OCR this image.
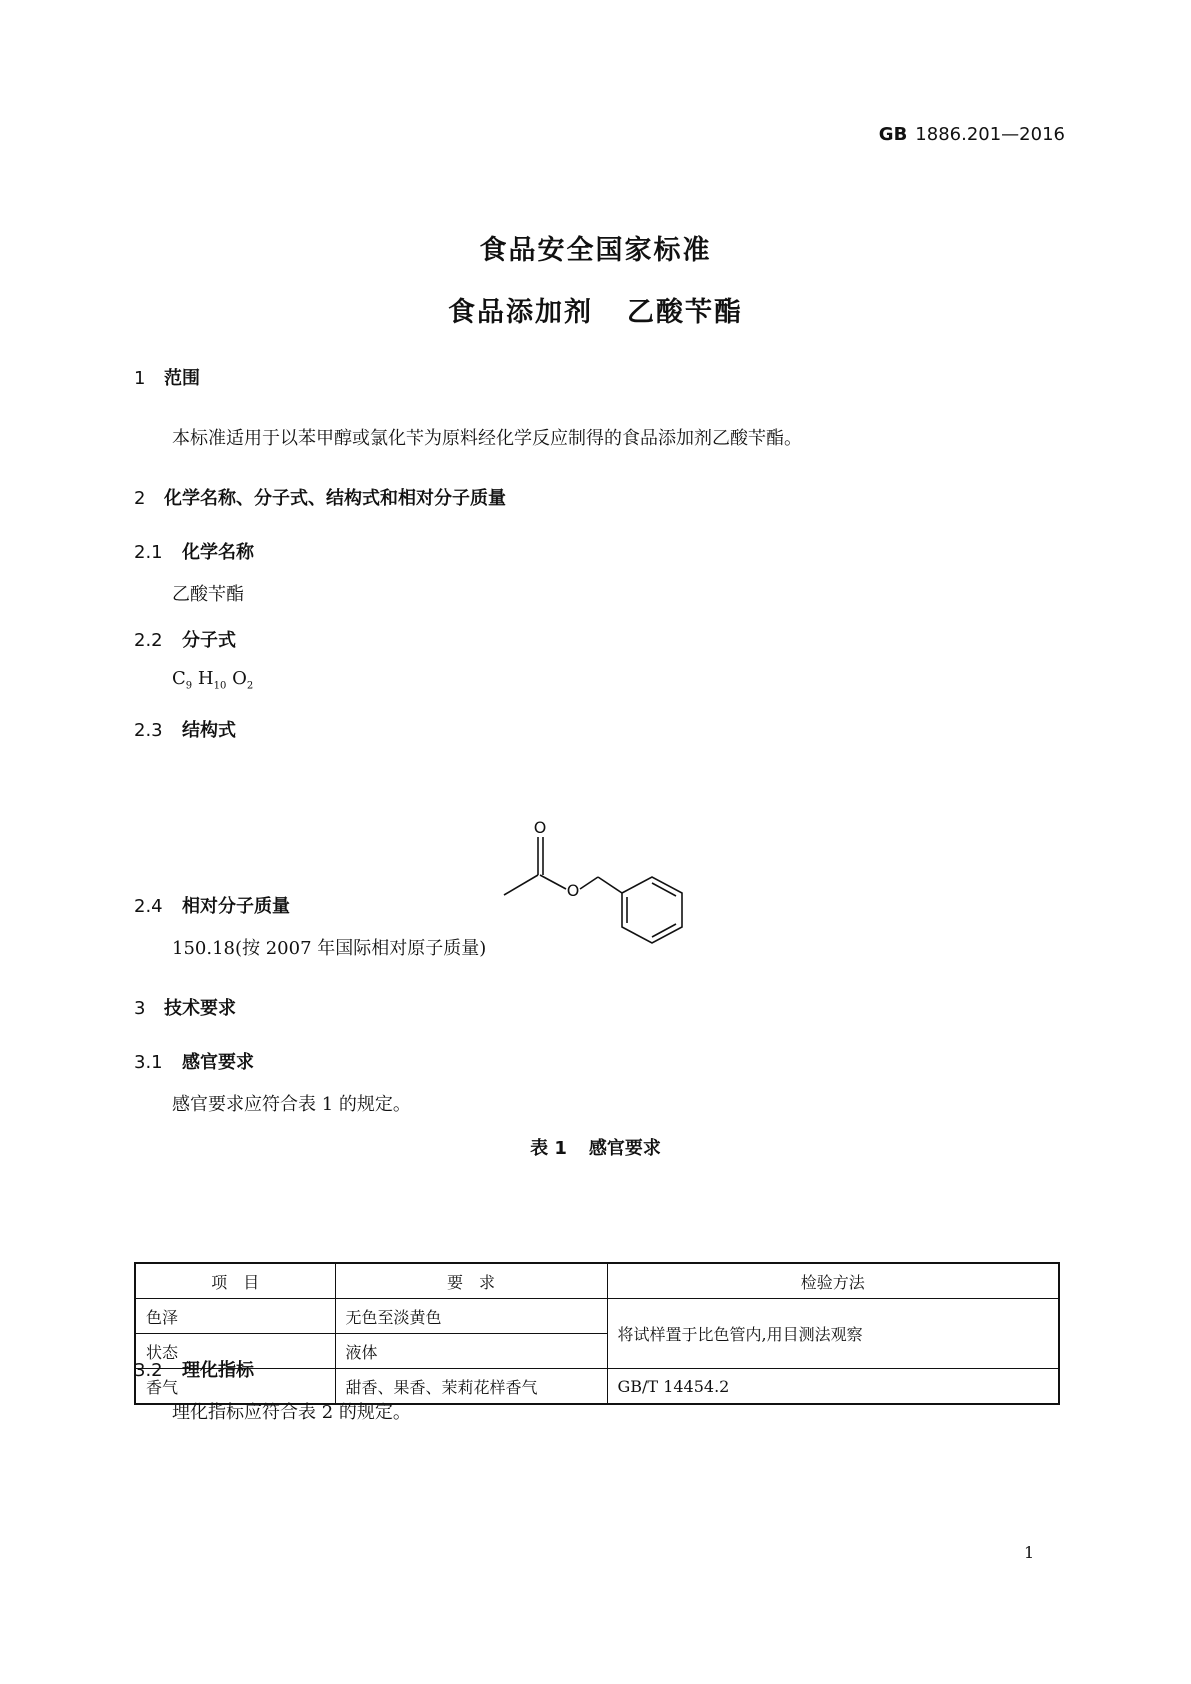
GB 1886.201—2016
食品安全国家标准
食品添加剂 乙酸苄酯
1 范围
本标准适用于以苯甲醇或氯化苄为原料经化学反应制得的食品添加剂乙酸苄酯。
2 化学名称、分子式、结构式和相对分子质量
2.1 化学名称
乙酸苄酯
2.2 分子式
$C_9$ $H_{10}$ $O_2$
2.3 结构式
O
O
2.4 相对分子质量
150.18(按 2007 年国际相对原子质量)
3 技术要求
3.1 感官要求
感官要求应符合表 1 的规定。
表 1 感官要求
项　目	要　求	检验方法
色泽	无色至淡黄色	将试样置于比色管内,用目测法观察
状态	液体	
香气	甜香、果香、茉莉花样香气	GB/T 14454.2
3.2 理化指标
理化指标应符合表 2 的规定。
1
